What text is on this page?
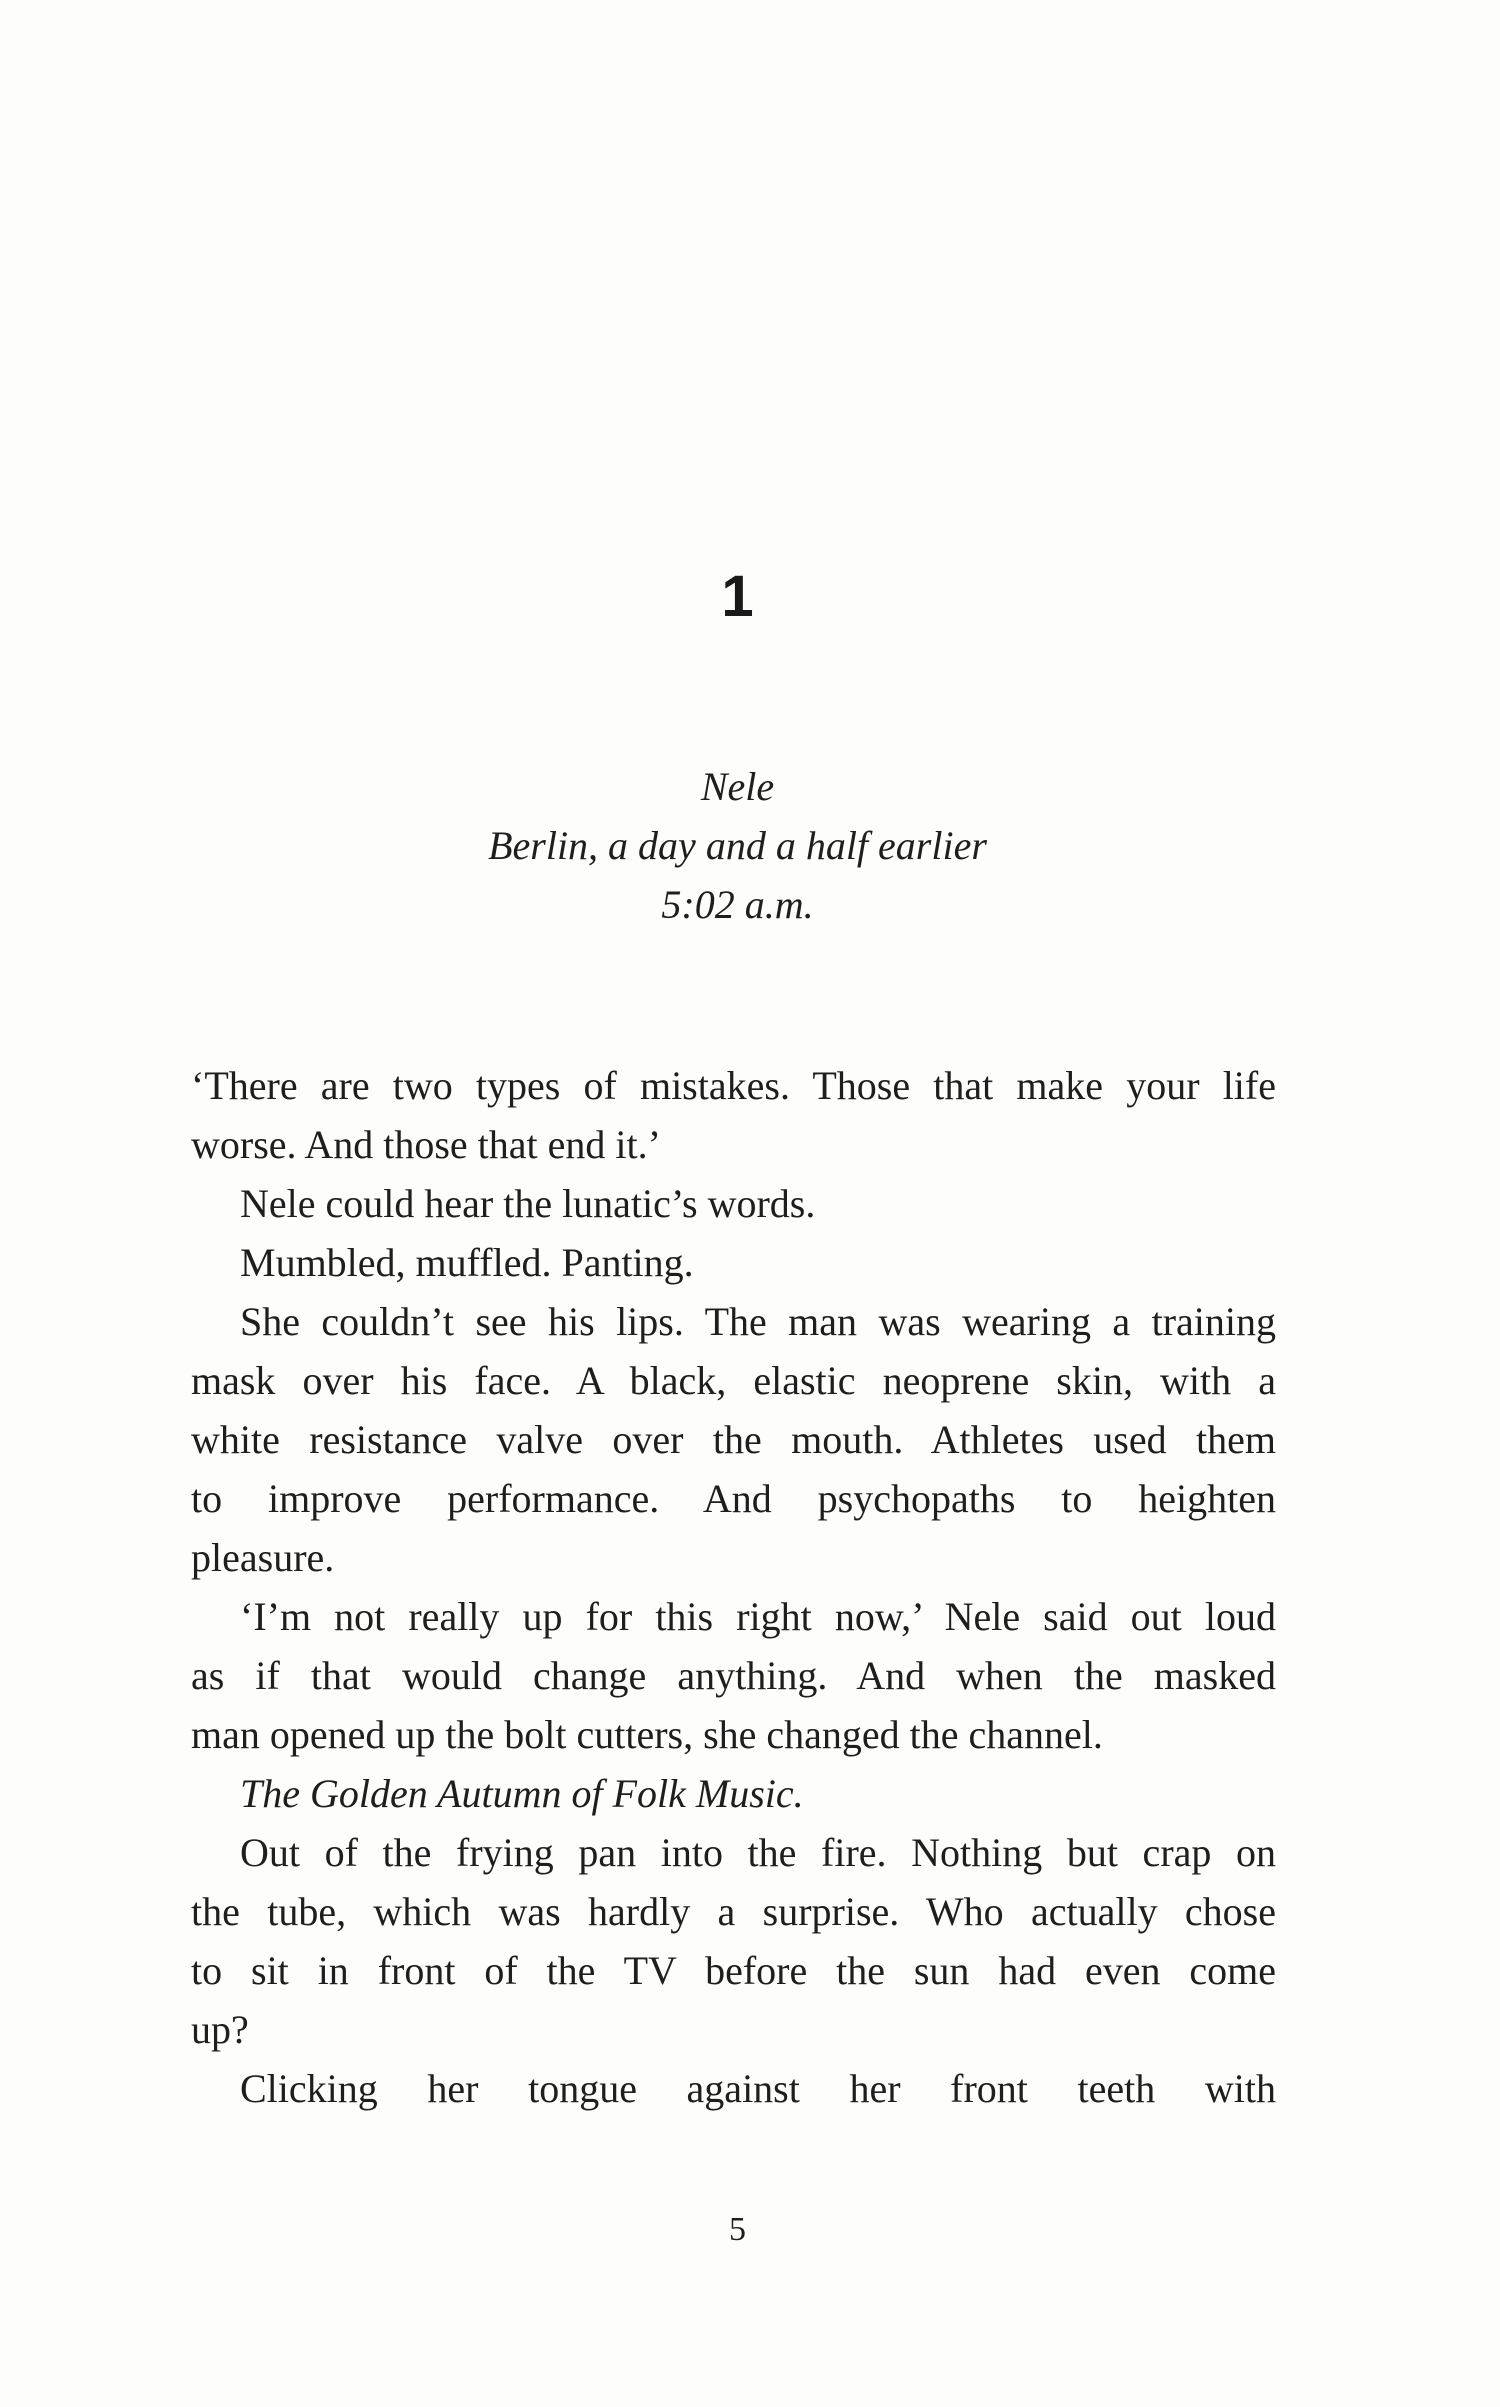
1
Nele
Berlin, a day and a half earlier
5:02 a.m.
‘There are two types of mistakes. Those that make your life
worse. And those that end it.’
Nele could hear the lunatic’s words.
Mumbled, muffled. Panting.
She couldn’t see his lips. The man was wearing a training
mask over his face. A black, elastic neoprene skin, with a
white resistance valve over the mouth. Athletes used them
to improve performance. And psychopaths to heighten
pleasure.
‘I’m not really up for this right now,’ Nele said out loud
as if that would change anything. And when the masked
man opened up the bolt cutters, she changed the channel.
The Golden Autumn of Folk Music.
Out of the frying pan into the fire. Nothing but crap on
the tube, which was hardly a surprise. Who actually chose
to sit in front of the TV before the sun had even come
up?
Clicking her tongue against her front teeth with
5
